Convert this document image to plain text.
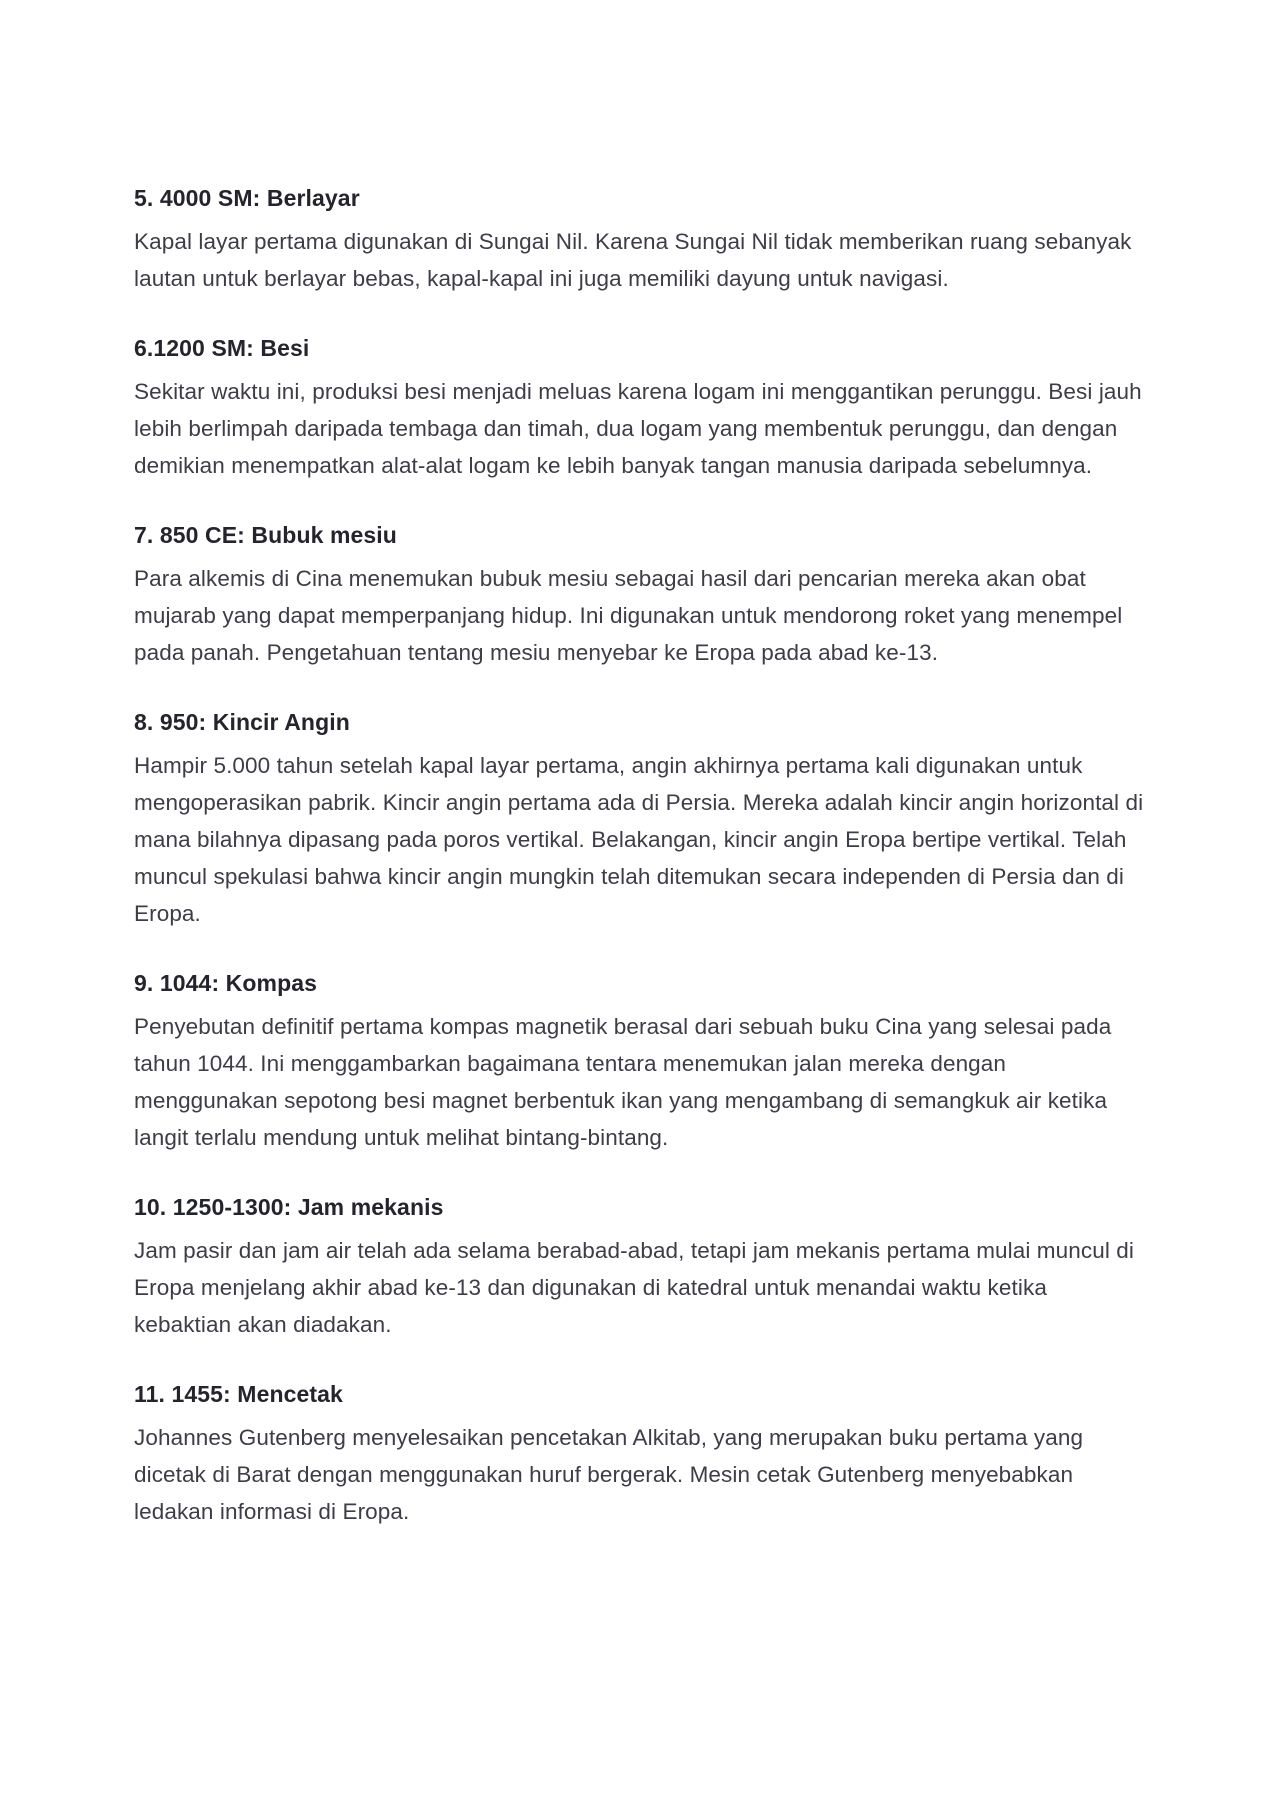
5. 4000 SM: Berlayar

Kapal layar pertama digunakan di Sungai Nil. Karena Sungai Nil tidak memberikan ruang sebanyak lautan untuk berlayar bebas, kapal-kapal ini juga memiliki dayung untuk navigasi.

6.1200 SM: Besi

Sekitar waktu ini, produksi besi menjadi meluas karena logam ini menggantikan perunggu. Besi jauh lebih berlimpah daripada tembaga dan timah, dua logam yang membentuk perunggu, dan dengan demikian menempatkan alat-alat logam ke lebih banyak tangan manusia daripada sebelumnya.

7. 850 CE: Bubuk mesiu

Para alkemis di Cina menemukan bubuk mesiu sebagai hasil dari pencarian mereka akan obat mujarab yang dapat memperpanjang hidup. Ini digunakan untuk mendorong roket yang menempel pada panah. Pengetahuan tentang mesiu menyebar ke Eropa pada abad ke-13.

8. 950: Kincir Angin

Hampir 5.000 tahun setelah kapal layar pertama, angin akhirnya pertama kali digunakan untuk mengoperasikan pabrik. Kincir angin pertama ada di Persia. Mereka adalah kincir angin horizontal di mana bilahnya dipasang pada poros vertikal. Belakangan, kincir angin Eropa bertipe vertikal. Telah muncul spekulasi bahwa kincir angin mungkin telah ditemukan secara independen di Persia dan di Eropa.

9. 1044: Kompas

Penyebutan definitif pertama kompas magnetik berasal dari sebuah buku Cina yang selesai pada tahun 1044. Ini menggambarkan bagaimana tentara menemukan jalan mereka dengan menggunakan sepotong besi magnet berbentuk ikan yang mengambang di semangkuk air ketika langit terlalu mendung untuk melihat bintang-bintang.

10. 1250-1300: Jam mekanis

Jam pasir dan jam air telah ada selama berabad-abad, tetapi jam mekanis pertama mulai muncul di Eropa menjelang akhir abad ke-13 dan digunakan di katedral untuk menandai waktu ketika kebaktian akan diadakan.

11. 1455: Mencetak

Johannes Gutenberg menyelesaikan pencetakan Alkitab, yang merupakan buku pertama yang dicetak di Barat dengan menggunakan huruf bergerak. Mesin cetak Gutenberg menyebabkan ledakan informasi di Eropa.
